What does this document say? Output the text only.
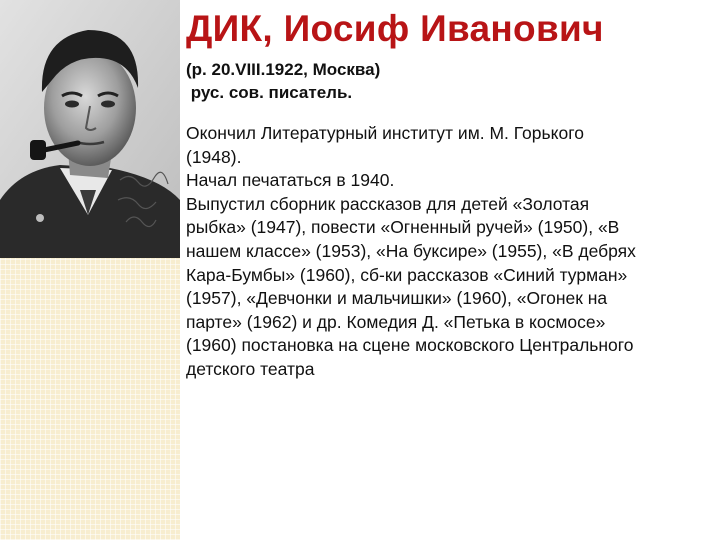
ДИК, Иосиф Иванович
(р. 20.VIII.1922, Москва)
рус. сов. писатель.
Окончил Литературный институт им. М. Горького
(1948).
Начал печататься в 1940.
Выпустил сборник рассказов для детей «Золотая
рыбка» (1947), повести «Огненный ручей» (1950), «В
нашем классе» (1953), «На буксире» (1955), «В дебрях
Кара-Бумбы» (1960), сб-ки рассказов «Синий турман»
(1957), «Девчонки и мальчишки» (1960), «Огонек на
парте» (1962) и др. Комедия Д. «Петька в космосе»
(1960) постановка на сцене московского Центрального
детского театра
